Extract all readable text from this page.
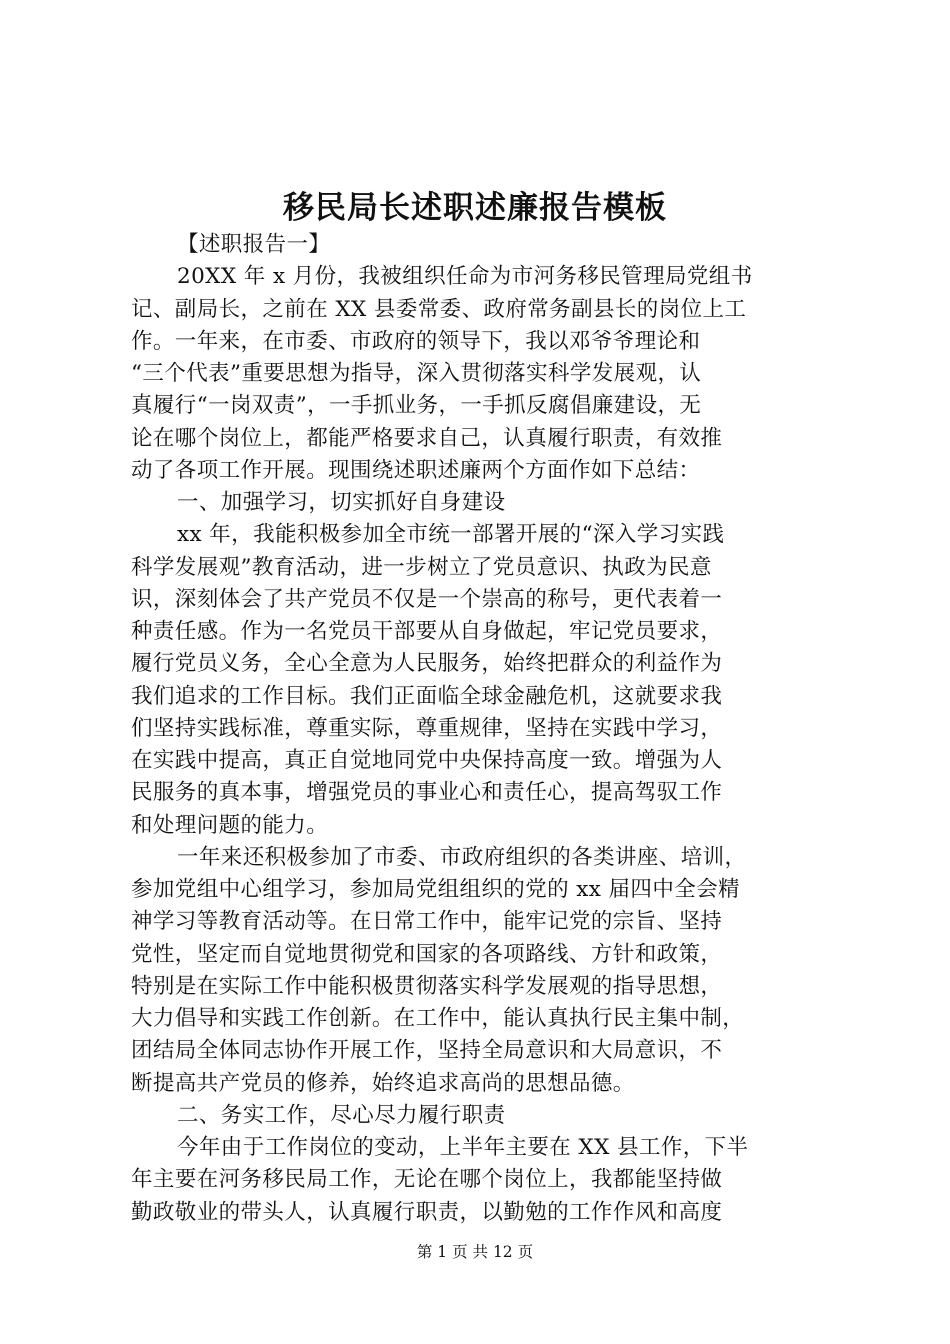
移民局长述职述廉报告模板
【述职报告一】
20XX 年 x 月份，我被组织任命为市河务移民管理局党组书
记、副局长，之前在 XX 县委常委、政府常务副县长的岗位上工
作。一年来，在市委、市政府的领导下，我以邓爷爷理论和
“三个代表”重要思想为指导，深入贯彻落实科学发展观，认
真履行“一岗双责”，一手抓业务，一手抓反腐倡廉建设，无
论在哪个岗位上，都能严格要求自己，认真履行职责，有效推
动了各项工作开展。现围绕述职述廉两个方面作如下总结：
一、加强学习，切实抓好自身建设
xx 年，我能积极参加全市统一部署开展的“深入学习实践
科学发展观”教育活动，进一步树立了党员意识、执政为民意
识，深刻体会了共产党员不仅是一个崇高的称号，更代表着一
种责任感。作为一名党员干部要从自身做起，牢记党员要求，
履行党员义务，全心全意为人民服务，始终把群众的利益作为
我们追求的工作目标。我们正面临全球金融危机，这就要求我
们坚持实践标准，尊重实际，尊重规律，坚持在实践中学习，
在实践中提高，真正自觉地同党中央保持高度一致。增强为人
民服务的真本事，增强党员的事业心和责任心，提高驾驭工作
和处理问题的能力。
一年来还积极参加了市委、市政府组织的各类讲座、培训，
参加党组中心组学习，参加局党组组织的党的 xx 届四中全会精
神学习等教育活动等。在日常工作中，能牢记党的宗旨、坚持
党性，坚定而自觉地贯彻党和国家的各项路线、方针和政策，
特别是在实际工作中能积极贯彻落实科学发展观的指导思想，
大力倡导和实践工作创新。在工作中，能认真执行民主集中制，
团结局全体同志协作开展工作，坚持全局意识和大局意识，不
断提高共产党员的修养，始终追求高尚的思想品德。
二、务实工作，尽心尽力履行职责
今年由于工作岗位的变动，上半年主要在 XX 县工作，下半
年主要在河务移民局工作，无论在哪个岗位上，我都能坚持做
勤政敬业的带头人，认真履行职责，以勤勉的工作作风和高度
第 1 页 共 12 页
